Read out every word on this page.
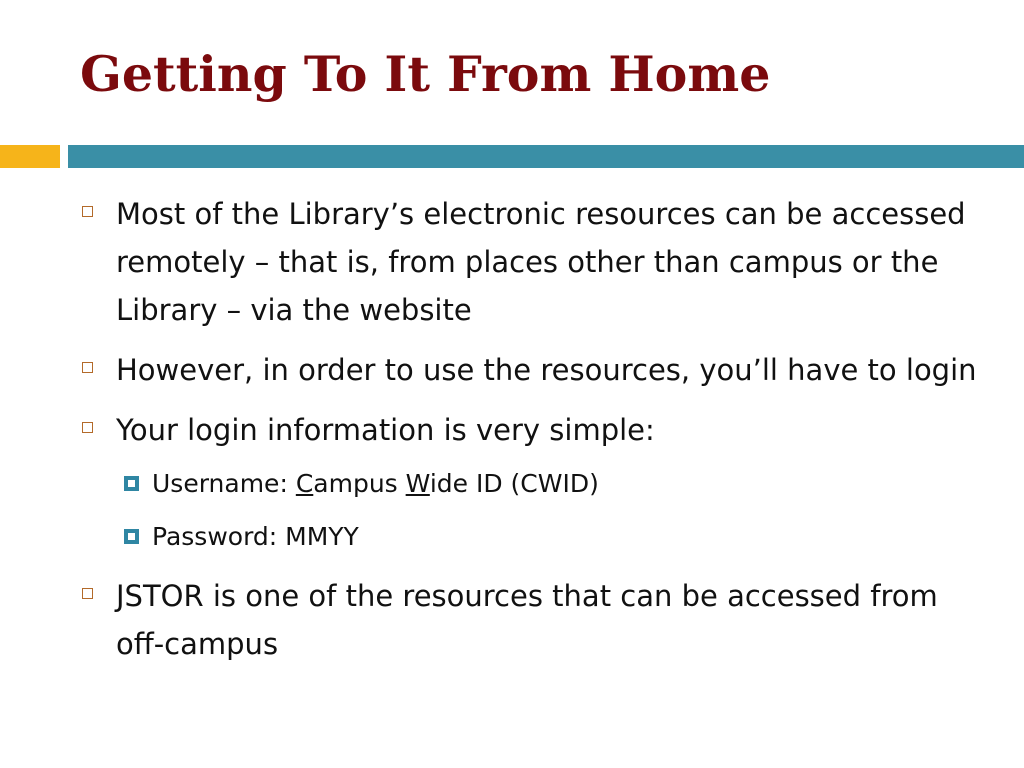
Getting To It From Home
Most of the Library’s electronic resources can be accessed remotely – that is, from places other than campus or the Library – via the website
However, in order to use the resources, you’ll have to login
Your login information is very simple:
Username: Campus Wide ID (CWID)
Password: MMYY
JSTOR is one of the resources that can be accessed from off-campus
